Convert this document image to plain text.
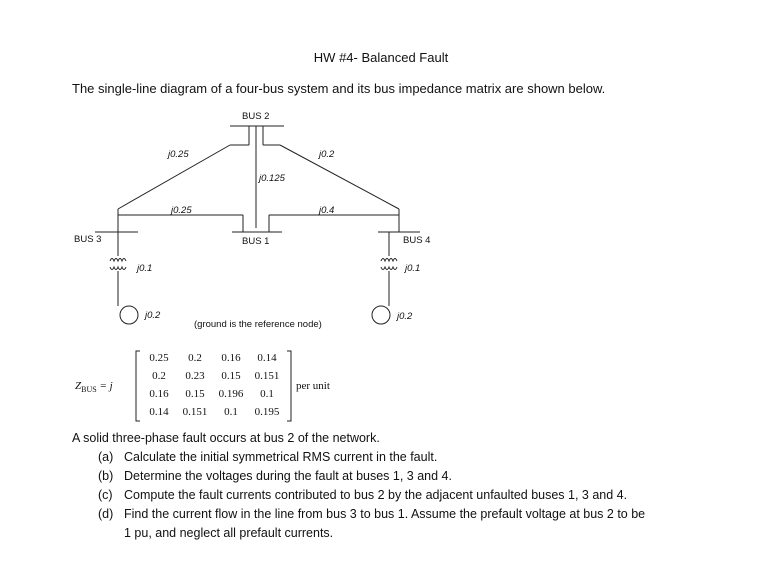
HW #4- Balanced Fault
The single-line diagram of a four-bus system and its bus impedance matrix are shown below.
BUS 2
BUS 1
BUS 3	BUS 4
j0.25
j0.125
j0.2
j0.25	j0.4
j0.1
j0.2
j0.1
j0.2
(ground is the reference node)
$Z_{BUS} = j$
0.25	0.2	0.16	0.14
0.2	0.23	0.15	0.151
0.16	0.15	0.196	0.1
0.14	0.151	0.1	0.195
per unit
A solid three-phase fault occurs at bus 2 of the network.
(a) Calculate the initial symmetrical RMS current in the fault.
(b) Determine the voltages during the fault at buses 1, 3 and 4.
(c) Compute the fault currents contributed to bus 2 by the adjacent unfaulted buses 1, 3 and 4.
(d) Find the current flow in the line from bus 3 to bus 1. Assume the prefault voltage at bus 2 to be
1 pu, and neglect all prefault currents.
